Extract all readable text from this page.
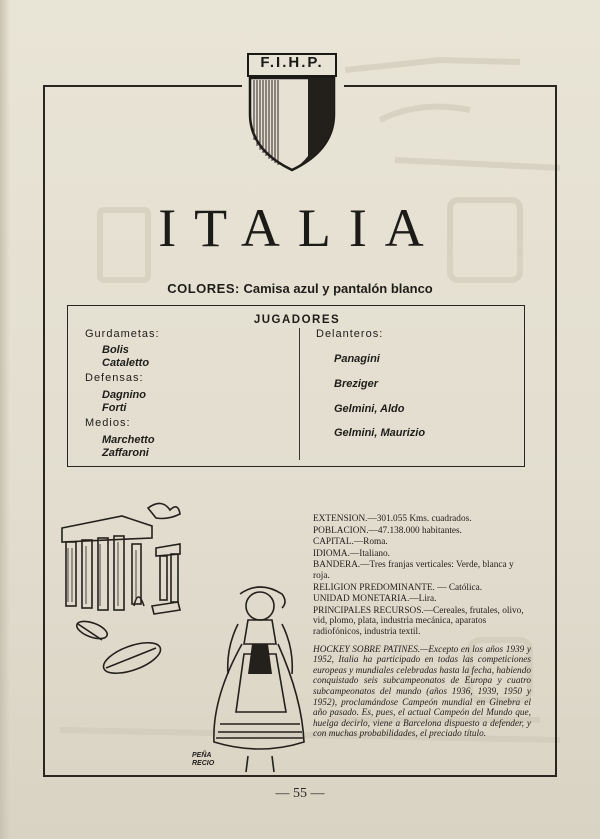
F.I.H.P.
ITALIA
COLORES: Camisa azul y pantalón blanco
JUGADORES
Gurdametas:
Bolis
Cataletto
Defensas:
Dagnino
Forti
Medios:
Marchetto
Zaffaroni
Delanteros:
Panagini
Breziger
Gelmini, Aldo
Gelmini, Maurizio
PEÑA RECIO
EXTENSION.—301.055 Kms. cuadrados.
POBLACION.—47.138.000 habitantes.
CAPITAL.—Roma.
IDIOMA.—Italiano.
BANDERA.—Tres franjas verticales: Verde, blanca y roja.
RELIGION PREDOMINANTE. — Católica.
UNIDAD MONETARIA.—Lira.
PRINCIPALES RECURSOS.—Cereales, frutales, olivo, vid, plomo, plata, industria mecánica, aparatos radiofónicos, industria textil.
HOCKEY SOBRE PATINES.—Excepto en los años 1939 y 1952, Italia ha participado en todas las competiciones europeas y mundiales celebradas hasta la fecha, habiendo conquistado seis subcampeonatos de Europa y cuatro subcampeonatos del mundo (años 1936, 1939, 1950 y 1952), proclamándose Campeón mundial en Ginebra el año pasado. Es, pues, el actual Campeón del Mundo que, huelga decirlo, viene a Barcelona dispuesto a defender, y con muchas probabilidades, el preciado título.
— 55 —
